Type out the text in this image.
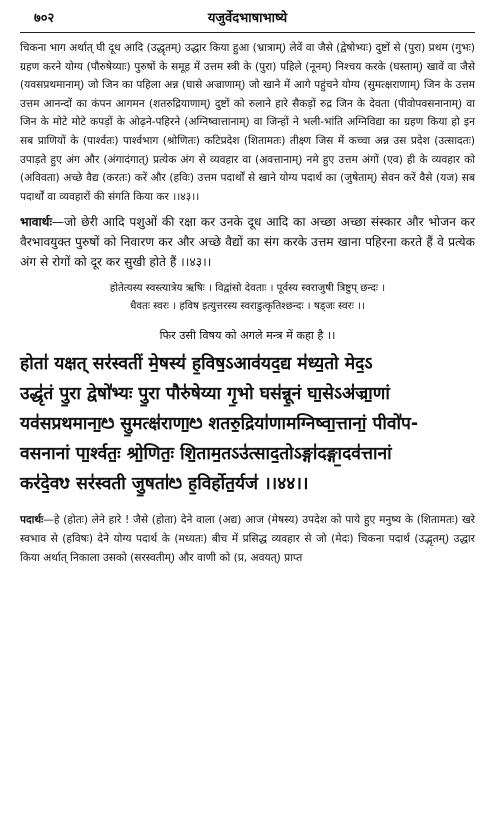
७०२	यजुर्वेदभाषाभाष्ये

चिकना भाग अर्थात् घी दूध आदि (उद्धृतम्) उद्धार किया हुआ (भ्रात्राम्) लेवें वा जैसे (द्वेषोभ्यः) दुष्टों से (पुरा) प्रथम (गुभः) ग्रहण करने योग्य (पौरुषेय्याः) पुरुषों के समूह में उत्तम स्त्री के (पुरा) पहिले (नूनम्) निश्चय करके (घस्ताम्) खावें वा जैसे (यवसप्रथमानाम्) जो जिन का पहिला अन्न (घासे अज्राणाम्) जो खाने में आगे पहुंचने योग्य (सुमत्क्षराणाम्) जिन के उत्तम उत्तम आनन्दों का कंपन आगमन (शतरुद्रियाणाम्) दुष्टों को रुलाने हारे सैकड़ों रुद्र जिन के देवता (पीवोपवसनानाम्) वा जिन के मोटे मोटे कपड़ों के ओढ़ने-पहिरने (अग्निष्वात्तानाम्) वा जिन्हों ने भली-भांति अग्निविद्या का ग्रहण किया हो इन सब प्राणियों के (पार्श्वतः) पार्श्वभाग (श्रोणितः) कटिप्रदेश (शितामतः) तीक्ष्ण जिस में कच्चा अन्न उस प्रदेश (उत्सादतः) उपाड़ते हुए अंग और (अंगादंगात्) प्रत्येक अंग से व्यवहार वा (अवत्तानाम्) नमे हुए उत्तम अंगों (एव) ही के व्यवहार को (अविवता) अच्छे वैद्य (करतः) करें और (हविः) उत्तम पदार्थों से खाने योग्य पदार्थ का (जुषेताम्) सेवन करें वैसे (यज) सब पदार्थों वा व्यवहारों की संगति किया कर ।।४३।।

भावार्थः—जो छेरी आदि पशुओं की रक्षा कर उनके दूध आदि का अच्छा अच्छा संस्कार और भोजन कर वैरभावयुक्त पुरुषों को निवारण कर और अच्छे वैद्यों का संग करके उत्तम खाना पहिरना करते हैं वे प्रत्येक अंग से रोगों को दूर कर सुखी होते हैं ।।४३।।

होतेत्यस्य स्वस्त्यात्रेय ऋषिः । विद्वांसो देवताः । पूर्वस्य स्वराजुषी त्रिष्टुप् छन्दः ।
धैवतः स्वरः । हविष इत्युत्तरस्य स्वराडुत्कृतिश्छन्दः । षड्जः स्वरः ।।
फिर उसी विषय को अगले मन्त्र में कहा है ।।

होता॑ यक्षत् सर॑स्वतीं मे॒षस्य॑ ह॒विष॒ऽआव॑यद॒द्य म॑ध्य॒तो मेद॒ऽ

उद्धृ॑तं पु॒रा द्वेषो॑भ्यः पु॒रा पौरु॑षेय्या गृ॒भो घस॑न्नू॒नं घा॒सेऽअ॑ज्रा॒णां

यव॑सप्रथमाना॒ᳩ सु॒मत्क्ष॑राणा॒ᳩ शतरु॒द्रिया॑णामग्निष्वा॒त्तानां॒ पीवो॑प-

वसनानां पा॒र्श्वतः॒ श्रो॒णितः॒ शि॒ताम॒तऽउ॑त्साद॒तोऽङ्गा॑दङ्गा॒दव॑त्तानां

कर॑दे॒वᳪ सर॑स्वती जु॒षता॑ᳩ ह॒विर्होत॒र्यज॑ ।।४४।।

पदार्थः—हे (होतः) लेने हारे ! जैसे (होता) देने वाला (अद्य) आज (मेषस्य) उपदेश को पाये हुए मनुष्य के (शितामतः) खरे स्वभाव से (हविषः) देने योग्य पदार्थ के (मध्यतः) बीच में प्रसिद्ध व्यवहार से जो (मेदः) चिकना पदार्थ (उद्भृतम्) उद्धार किया अर्थात् निकाला उसको (सरस्वतीम्) और वाणी को (प्र, अवयत्) प्राप्त
